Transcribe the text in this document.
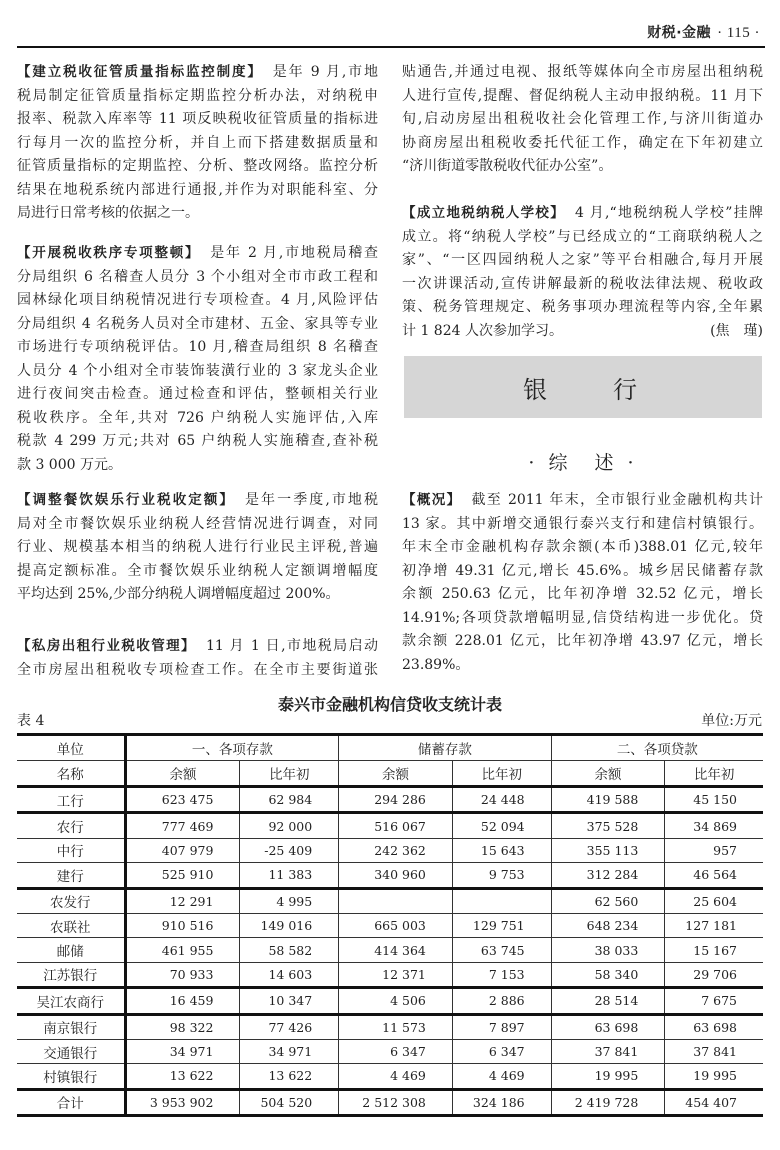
财税·金融 · 115 ·
【建立税收征管质量指标监控制度】 是年 9 月,市地
税局制定征管质量指标定期监控分析办法，对纳税申
报率、税款入库率等 11 项反映税收征管质量的指标进
行每月一次的监控分析，并自上而下搭建数据质量和
征管质量指标的定期监控、分析、整改网络。监控分析
结果在地税系统内部进行通报,并作为对职能科室、分
局进行日常考核的依据之一。
【开展税收秩序专项整顿】 是年 2 月,市地税局稽查
分局组织 6 名稽查人员分 3 个小组对全市市政工程和
园林绿化项目纳税情况进行专项检查。4 月,风险评估
分局组织 4 名税务人员对全市建材、五金、家具等专业
市场进行专项纳税评估。10 月,稽查局组织 8 名稽查
人员分 4 个小组对全市装饰装潢行业的 3 家龙头企业
进行夜间突击检查。通过检查和评估，整顿相关行业
税收秩序。全年,共对 726 户纳税人实施评估,入库
税款 4 299 万元;共对 65 户纳税人实施稽查,查补税
款 3 000 万元。
【调整餐饮娱乐行业税收定额】 是年一季度,市地税
局对全市餐饮娱乐业纳税人经营情况进行调查，对同
行业、规模基本相当的纳税人进行行业民主评税,普遍
提高定额标准。全市餐饮娱乐业纳税人定额调增幅度
平均达到 25%,少部分纳税人调增幅度超过 200%。
【私房出租行业税收管理】 11 月 1 日,市地税局启动
全市房屋出租税收专项检查工作。在全市主要街道张
贴通告,并通过电视、报纸等媒体向全市房屋出租纳税
人进行宣传,提醒、督促纳税人主动申报纳税。11 月下
旬,启动房屋出租税收社会化管理工作,与济川街道办
协商房屋出租税收委托代征工作，确定在下年初建立
“济川街道零散税收代征办公室”。
【成立地税纳税人学校】 4 月,“地税纳税人学校”挂牌
成立。将“纳税人学校”与已经成立的“工商联纳税人之
家”、“一区四园纳税人之家”等平台相融合,每月开展
一次讲课活动,宣传讲解最新的税收法律法规、税收政
策、税务管理规定、税务事项办理流程等内容,全年累
计 1 824 人次参加学习。	(焦　瑾)
【概况】 截至 2011 年末，全市银行业金融机构共计
13 家。其中新增交通银行泰兴支行和建信村镇银行。
年末全市金融机构存款余额(本币)388.01 亿元,较年
初净增 49.31 亿元,增长 45.6%。城乡居民储蓄存款
余额 250.63 亿元，比年初净增 32.52 亿元，增长
14.91%;各项贷款增幅明显,信贷结构进一步优化。贷
款余额 228.01 亿元，比年初净增 43.97 亿元，增长
23.89%。
银　　行
· 综　述 ·
泰兴市金融机构信贷收支统计表
表 4	单位:万元
单位	一、各项存款		储蓄存款		二、各项贷款	
名称	余额	比年初	余额	比年初	余额	比年初
工行	623 475	62 984	294 286	24 448	419 588	45 150
农行	777 469	92 000	516 067	52 094	375 528	34 869
中行	407 979	-25 409	242 362	15 643	355 113	957
建行	525 910	11 383	340 960	9 753	312 284	46 564
农发行	12 291	4 995			62 560	25 604
农联社	910 516	149 016	665 003	129 751	648 234	127 181
邮储	461 955	58 582	414 364	63 745	38 033	15 167
江苏银行	70 933	14 603	12 371	7 153	58 340	29 706
吴江农商行	16 459	10 347	4 506	2 886	28 514	7 675
南京银行	98 322	77 426	11 573	7 897	63 698	63 698
交通银行	34 971	34 971	6 347	6 347	37 841	37 841
村镇银行	13 622	13 622	4 469	4 469	19 995	19 995
合计	3 953 902	504 520	2 512 308	324 186	2 419 728	454 407
